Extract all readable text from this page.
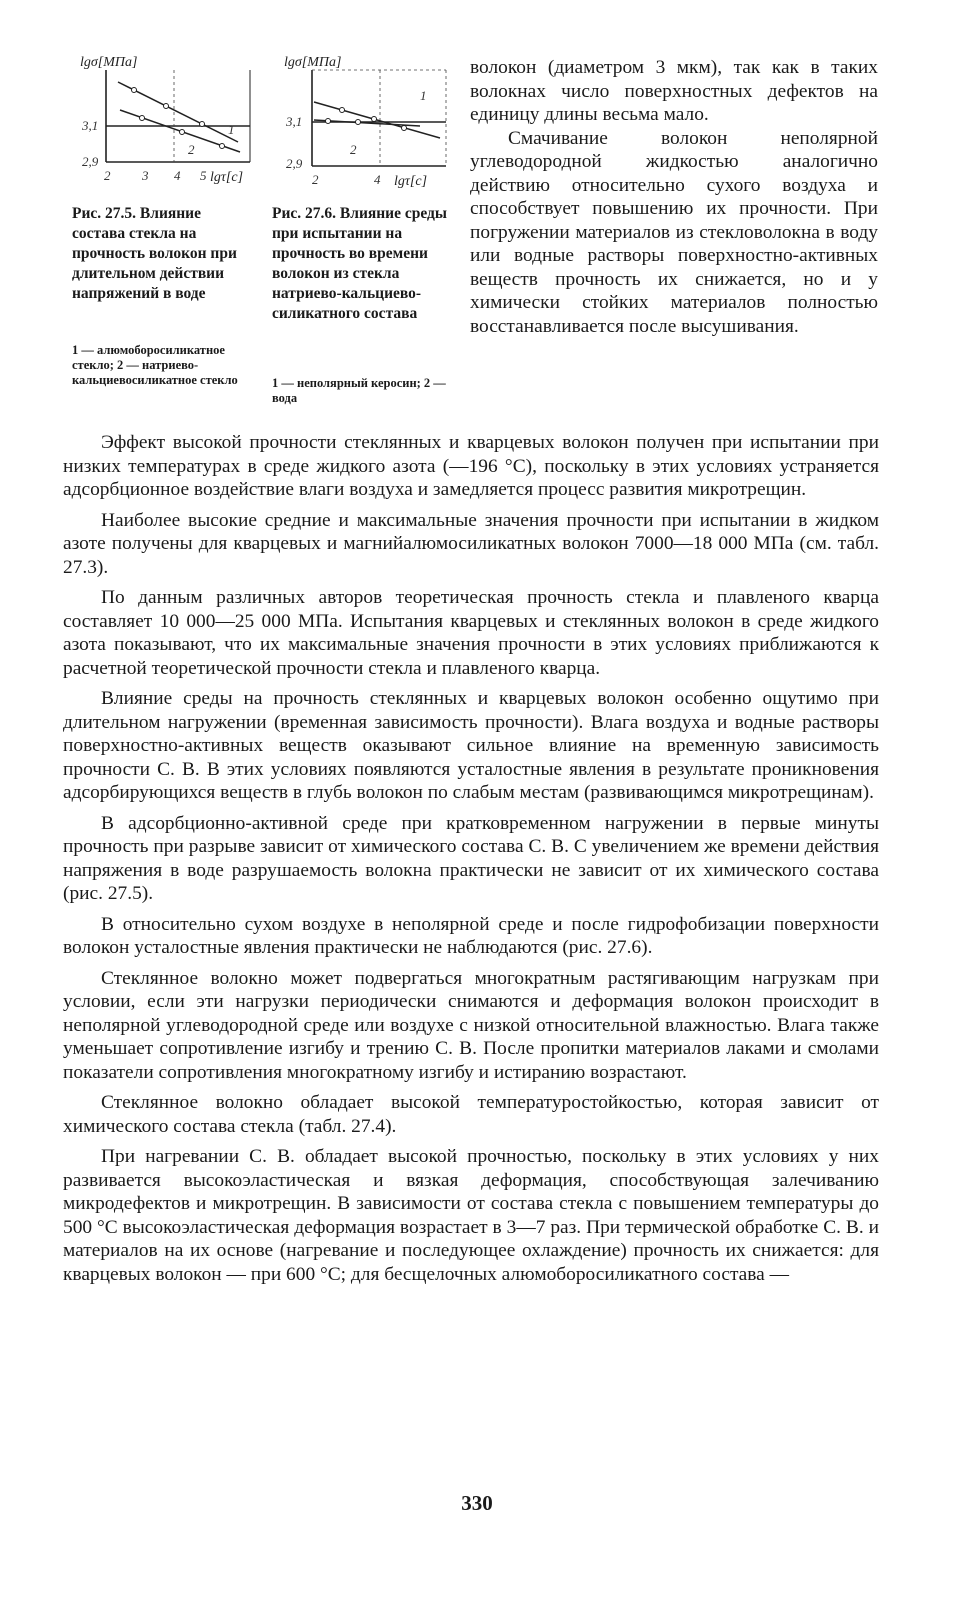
lgσ[МПа]
1
2
3,1
2,9
2 3 4 5 lgτ[с]
Рис. 27.5. Влияние состава стекла на прочность волокон при длительном действии напряжений в воде
1 — алюмоборосиликатное стекло; 2 — натриево-кальциевосиликатное стекло
lgσ[МПа]
1
2
3,1
2,9
2	4 lgτ[с]
Рис. 27.6. Влияние среды при испытании на прочность во времени волокон из стекла натриево-кальциево-силикатного состава
1 — неполярный керосин; 2 — вода

волокон (диаметром 3 мкм), так как в таких волокнах число поверхностных дефектов на единицу длины весьма мало.

Смачивание волокон неполярной углеводородной жидкостью аналогично действию относительно сухого воздуха и способствует повышению их прочности. При погружении материалов из стекловолокна в воду или водные растворы поверхностно-активных веществ прочность их снижается, но и у химически стойких материалов полностью восстанавливается после высушивания.

Эффект высокой прочности стеклянных и кварцевых волокон получен при испытании при низких температурах в среде жидкого азота (—196 °С), поскольку в этих условиях устраняется адсорбционное воздействие влаги воздуха и замедляется процесс развития микротрещин.

Наиболее высокие средние и максимальные значения прочности при испытании в жидком азоте получены для кварцевых и магнийалюмосиликатных волокон 7000—18 000 МПа (см. табл. 27.3).

По данным различных авторов теоретическая прочность стекла и плавленого кварца составляет 10 000—25 000 МПа. Испытания кварцевых и стеклянных волокон в среде жидкого азота показывают, что их максимальные значения прочности в этих условиях приближаются к расчетной теоретической прочности стекла и плавленого кварца.

Влияние среды на прочность стеклянных и кварцевых волокон особенно ощутимо при длительном нагружении (временная зависимость прочности). Влага воздуха и водные растворы поверхностно-активных веществ оказывают сильное влияние на временную зависимость прочности С. В. В этих условиях появляются усталостные явления в результате проникновения адсорбирующихся веществ в глубь волокон по слабым местам (развивающимся микротрещинам).

В адсорбционно-активной среде при кратковременном нагружении в первые минуты прочность при разрыве зависит от химического состава С. В. С увеличением же времени действия напряжения в воде разрушаемость волокна практически не зависит от их химического состава (рис. 27.5).

В относительно сухом воздухе в неполярной среде и после гидрофобизации поверхности волокон усталостные явления практически не наблюдаются (рис. 27.6).

Стеклянное волокно может подвергаться многократным растягивающим нагрузкам при условии, если эти нагрузки периодически снимаются и деформация волокон происходит в неполярной углеводородной среде или воздухе с низкой относительной влажностью. Влага также уменьшает сопротивление изгибу и трению С. В. После пропитки материалов лаками и смолами показатели сопротивления многократному изгибу и истиранию возрастают.

Стеклянное волокно обладает высокой температуростойкостью, которая зависит от химического состава стекла (табл. 27.4).

При нагревании С. В. обладает высокой прочностью, поскольку в этих условиях у них развивается высокоэластическая и вязкая деформация, способствующая залечиванию микродефектов и микротрещин. В зависимости от состава стекла с повышением температуры до 500 °С высокоэластическая деформация возрастает в 3—7 раз. При термической обработке С. В. и материалов на их основе (нагревание и последующее охлаждение) прочность их снижается: для кварцевых волокон — при 600 °С; для бесщелочных алюмоборосиликатного состава —

330
